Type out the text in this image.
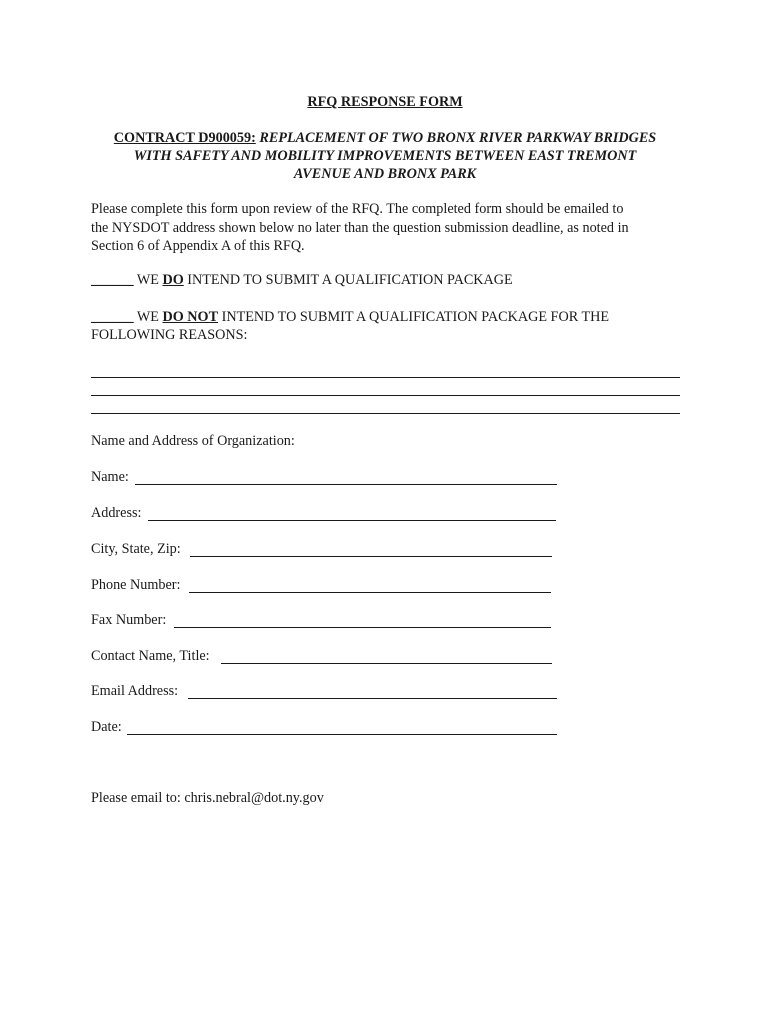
RFQ RESPONSE FORM
CONTRACT D900059: REPLACEMENT OF TWO BRONX RIVER PARKWAY BRIDGES
WITH SAFETY AND MOBILITY IMPROVEMENTS BETWEEN EAST TREMONT
AVENUE AND BRONX PARK
Please complete this form upon review of the RFQ. The completed form should be emailed to
the NYSDOT address shown below no later than the question submission deadline, as noted in
Section 6 of Appendix A of this RFQ.
______ WE DO INTEND TO SUBMIT A QUALIFICATION PACKAGE
______ WE DO NOT INTEND TO SUBMIT A QUALIFICATION PACKAGE FOR THE
FOLLOWING REASONS:
Name and Address of Organization:
Name:
Address:
City, State, Zip:
Phone Number:
Fax Number:
Contact Name, Title:
Email Address:
Date:
Please email to: chris.nebral@dot.ny.gov
